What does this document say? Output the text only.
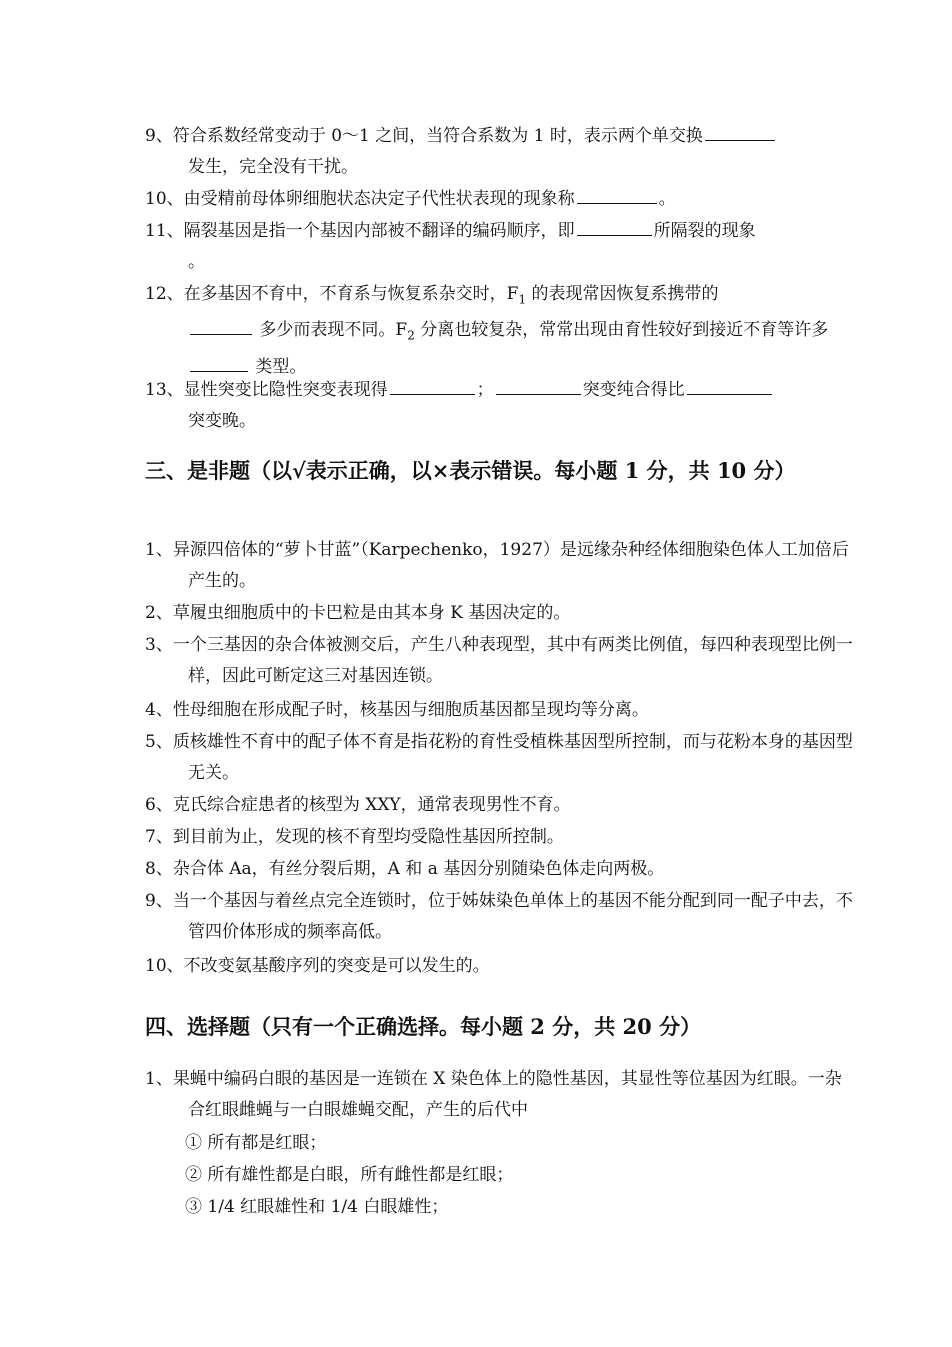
9、符合系数经常变动于 0～1 之间，当符合系数为 1 时，表示两个单交换
发生，完全没有干扰。
10、由受精前母体卵细胞状态决定子代性状表现的现象称	。
11、隔裂基因是指一个基因内部被不翻译的编码顺序，即	所隔裂的现象
。
12、在多基因不育中，不育系与恢复系杂交时，$F_1$ 的表现常因恢复系携带的
多少而表现不同。$F_2$ 分离也较复杂，常常出现由育性较好到接近不育等许多 类型。
13、显性突变比隐性突变表现得	；	突变纯合得比
突变晚。
三、是非题（以√表示正确，以×表示错误。每小题 1 分，共 10 分）
1、异源四倍体的“萝卜甘蓝”（Karpechenko，1927）是远缘杂种经体细胞染色体人工加倍后产生的。
2、草履虫细胞质中的卡巴粒是由其本身 K 基因决定的。
3、一个三基因的杂合体被测交后，产生八种表现型，其中有两类比例值，每四种表现型比例一样，因此可断定这三对基因连锁。
4、性母细胞在形成配子时，核基因与细胞质基因都呈现均等分离。
5、质核雄性不育中的配子体不育是指花粉的育性受植株基因型所控制，而与花粉本身的基因型无关。
6、克氏综合症患者的核型为 XXY，通常表现男性不育。
7、到目前为止，发现的核不育型均受隐性基因所控制。
8、杂合体 Aa，有丝分裂后期，A 和 a 基因分别随染色体走向两极。
9、当一个基因与着丝点完全连锁时，位于姊妹染色单体上的基因不能分配到同一配子中去，不管四价体形成的频率高低。
10、不改变氨基酸序列的突变是可以发生的。
四、选择题（只有一个正确选择。每小题 2 分，共 20 分）
1、果蝇中编码白眼的基因是一连锁在 X 染色体上的隐性基因，其显性等位基因为红眼。一杂合红眼雌蝇与一白眼雄蝇交配，产生的后代中
① 所有都是红眼；
② 所有雄性都是白眼，所有雌性都是红眼；
③ 1/4 红眼雄性和 1/4 白眼雄性；
